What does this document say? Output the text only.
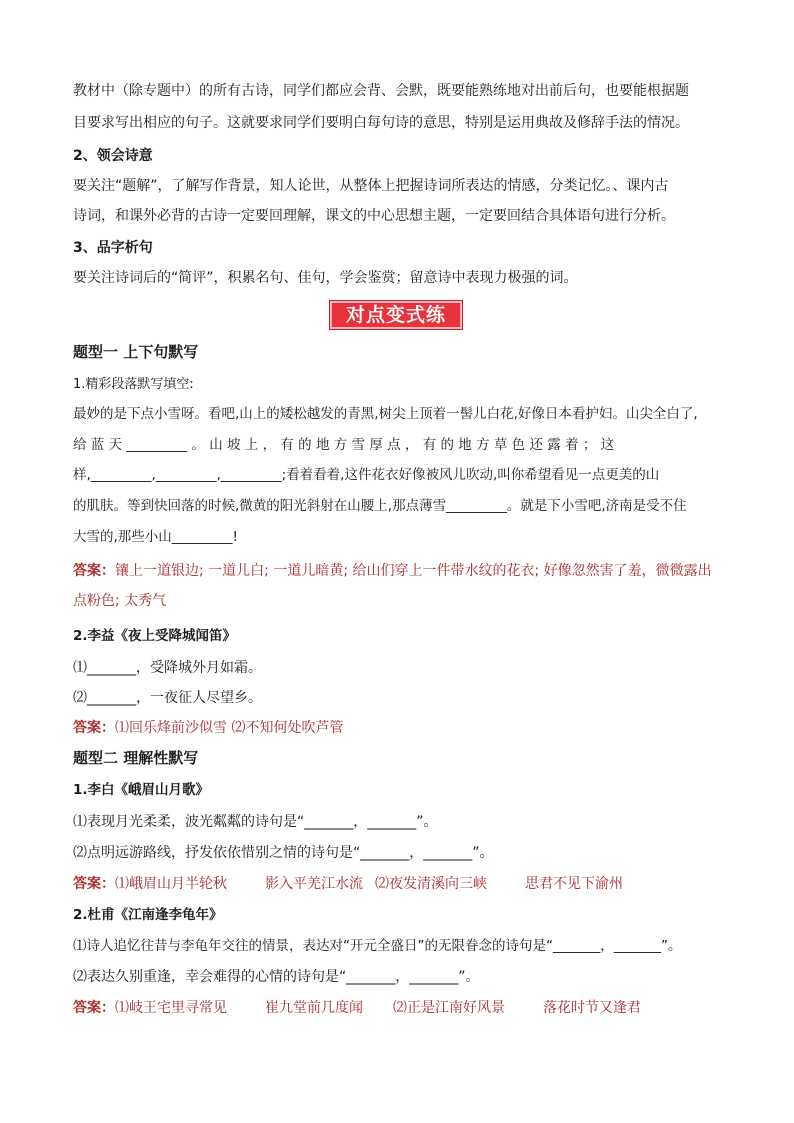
教材中（除专题中）的所有古诗，同学们都应会背、会默，既要能熟练地对出前后句，也要能根据题
目要求写出相应的句子。这就要求同学们要明白每句诗的意思，特别是运用典故及修辞手法的情况。
2、领会诗意
要关注“题解”，了解写作背景，知人论世，从整体上把握诗词所表达的情感，分类记忆。、课内古
诗词，和课外必背的古诗一定要回理解，课文的中心思想主题，一定要回结合具体语句进行分析。
3、品字析句
要关注诗词后的“简评”，积累名句、佳句，学会鉴赏；留意诗中表现力极强的词。
对点变式练
题型一 上下句默写
1.精彩段落默写填空:
最妙的是下点小雪呀。看吧,山上的矮松越发的青黑,树尖上顶着一髻儿白花,好像日本看护妇。山尖全白了,
给 蓝 天 _________ 。 山 坡 上 ， 有 的 地 方 雪 厚 点 ， 有 的 地 方 草 色 还 露 着 ； 这
样,_________,_________,_________;看着看着,这件花衣好像被风儿吹动,叫你希望看见一点更美的山
的肌肤。等到快回落的时候,微黄的阳光斜射在山腰上,那点薄雪_________。就是下小雪吧,济南是受不住
大雪的,那些小山_________!
答案：镶上一道银边; 一道儿白; 一道儿暗黄; 给山们穿上一件带水纹的花衣; 好像忽然害了羞，微微露出
点粉色; 太秀气
2.李益《夜上受降城闻笛》
⑴_______，受降城外月如霜。
⑵_______，一夜征人尽望乡。
答案：⑴回乐烽前沙似雪 ⑵不知何处吹芦管
题型二 理解性默写
1.李白《峨眉山月歌》
⑴表现月光柔柔，波光粼粼的诗句是“_______，_______”。
⑵点明远游路线，抒发依依惜别之情的诗句是“_______，_______”。
答案：⑴峨眉山月半轮秋	影入平羌江水流 ⑵夜发清溪向三峡	思君不见下渝州
2.杜甫《江南逢李龟年》
⑴诗人追忆往昔与李龟年交往的情景，表达对“开元全盛日”的无限眷念的诗句是“_______，_______”。
⑵表达久别重逢，幸会难得的心情的诗句是“_______，_______”。
答案：⑴岐王宅里寻常见	崔九堂前几度闻 ⑵正是江南好风景	落花时节又逢君
